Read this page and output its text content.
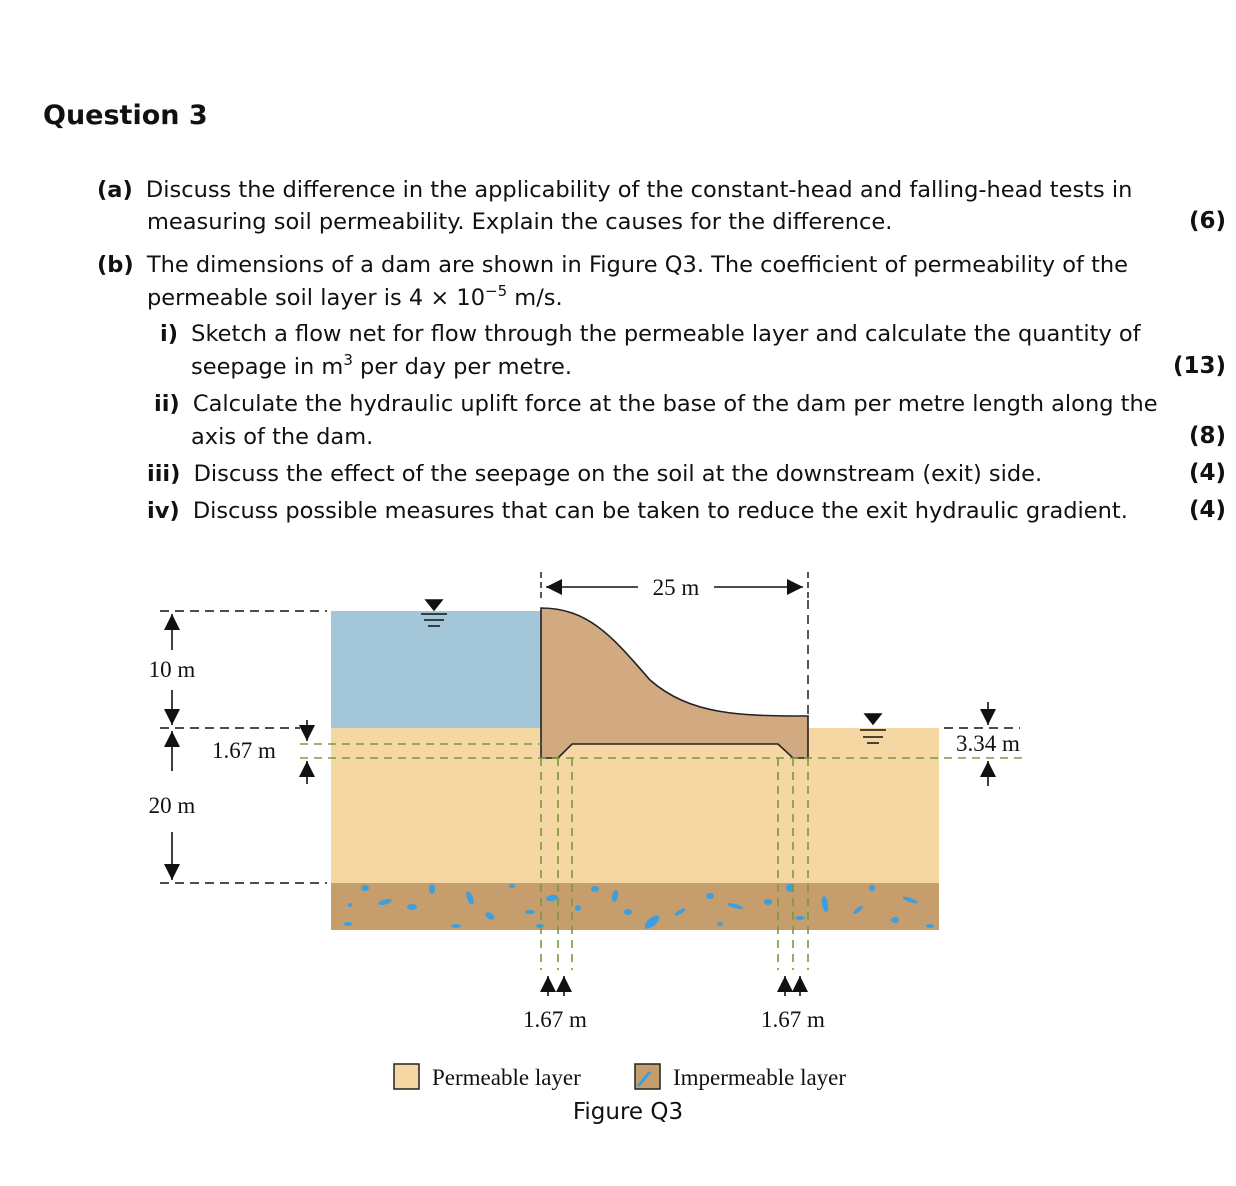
Question 3
(a) Discuss the difference in the applicability of the constant-head and falling-head tests in
measuring soil permeability. Explain the causes for the difference.	(6)
(b) The dimensions of a dam are shown in Figure Q3. The coefficient of permeability of the
permeable soil layer is $4 \times 10^{-5}$ m/s.
i) Sketch a flow net for flow through the permeable layer and calculate the quantity of
seepage in $m^3$ per day per metre.	(13)
ii) Calculate the hydraulic uplift force at the base of the dam per metre length along the
axis of the dam.	(8)
iii) Discuss the effect of the seepage on the soil at the downstream (exit) side.	(4)
iv) Discuss possible measures that can be taken to reduce the exit hydraulic gradient.	(4)
25 m
10 m
1.67 m
20 m
3.34 m
1.67 m	1.67 m
Permeable layer	Impermeable layer
Figure Q3
